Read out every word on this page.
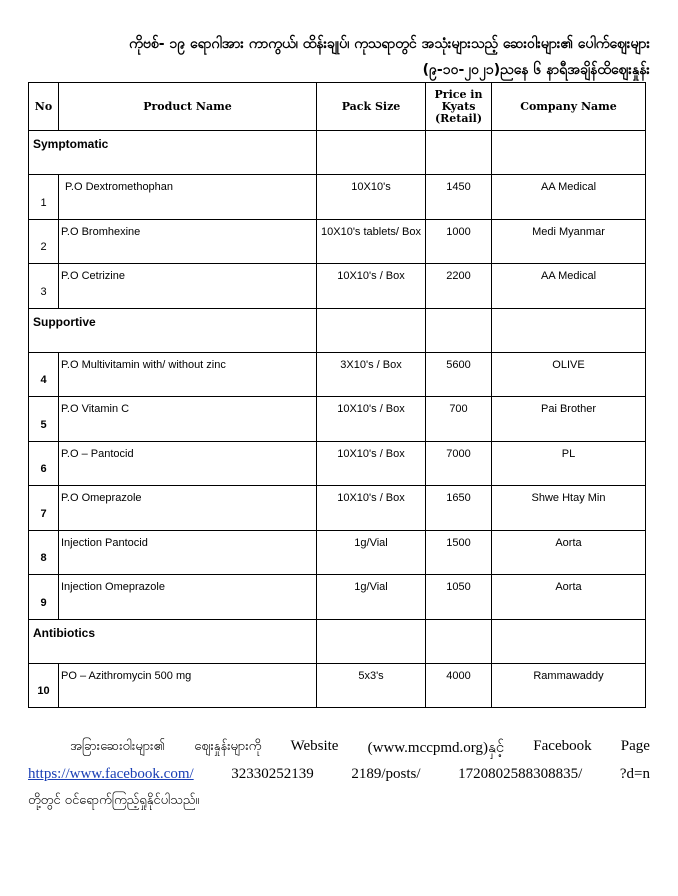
ကိုဗစ်- ၁၉ ရောဂါအား ကာကွယ်၊ ထိန်းချုပ်၊ ကုသရာတွင် အသုံးများသည့် ဆေးဝါးများ၏ ပေါက်ဈေးများ
(၉-၁၀-၂၀၂၁)ညနေ ၆ နာရီအချိန်ထိဈေးနှုန်း
No	Product Name	Pack Size	Price in Kyats (Retail)	Company Name
Symptomatic				
1	P.O Dextromethophan	10X10's	1450	AA Medical
2	P.O Bromhexine	10X10's tablets/ Box	1000	Medi Myanmar
3	P.O Cetrizine	10X10's / Box	2200	AA Medical
Supportive				
4	P.O Multivitamin with/ without zinc	3X10's / Box	5600	OLIVE
5	P.O Vitamin C	10X10's / Box	700	Pai Brother
6	P.O – Pantocid	10X10's / Box	7000	PL
7	P.O Omeprazole	10X10's / Box	1650	Shwe Htay Min
8	Injection Pantocid	1g/Vial	1500	Aorta
9	Injection Omeprazole	1g/Vial	1050	Aorta
Antibiotics				
10	PO – Azithromycin 500 mg	5x3's	4000	Rammawaddy
အခြားဆေးဝါးများ၏ ဈေးနှုန်းများကို Website (www.mccpmd.org)နှင့် Facebook Page
https://www.facebook.com/	32330252139	2189/posts/	1720802588308835/	?d=n
တို့တွင် ဝင်ရောက်ကြည့်ရှုနိုင်ပါသည်။
